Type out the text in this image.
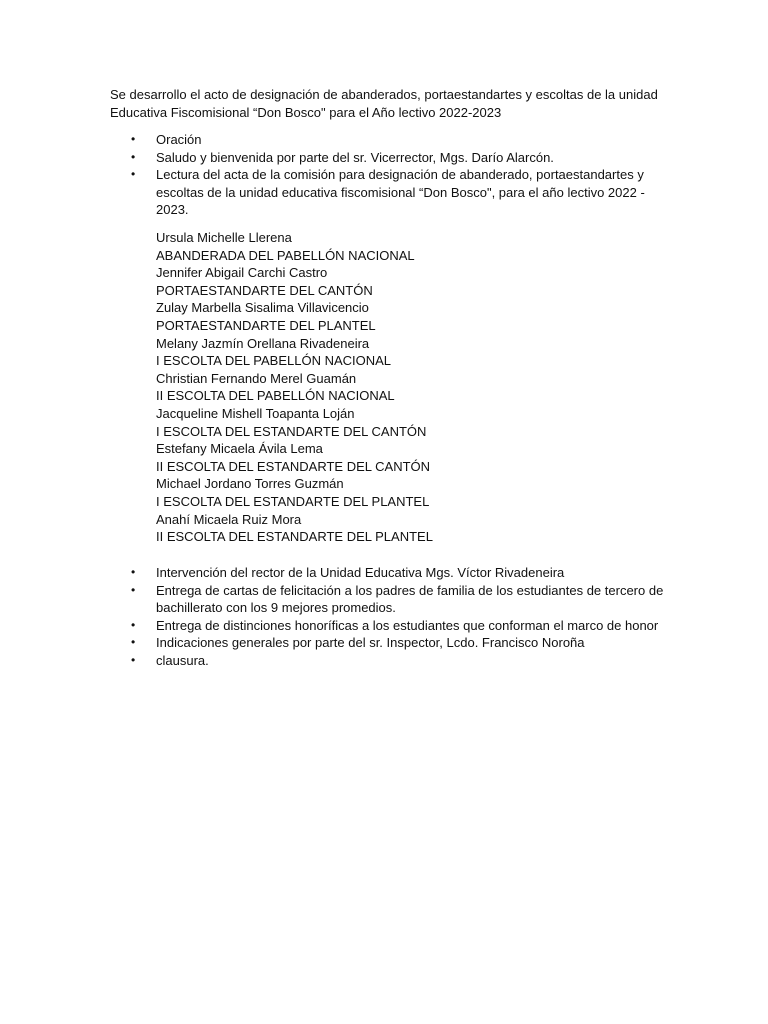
Se desarrollo el acto de designación de abanderados, portaestandartes y escoltas de la unidad Educativa Fiscomisional “Don Bosco" para el Año lectivo 2022-2023

• Oración
• Saludo y bienvenida por parte del sr. Vicerrector, Mgs. Darío Alarcón.
• Lectura del acta de la comisión para designación de abanderado, portaestandartes y escoltas de la unidad educativa fiscomisional “Don Bosco", para el año lectivo 2022 - 2023.
Ursula Michelle Llerena
ABANDERADA DEL PABELLÓN NACIONAL
Jennifer Abigail Carchi Castro
PORTAESTANDARTE DEL CANTÓN
Zulay Marbella Sisalima Villavicencio
PORTAESTANDARTE DEL PLANTEL
Melany Jazmín Orellana Rivadeneira
I ESCOLTA DEL PABELLÓN NACIONAL
Christian Fernando Merel Guamán
II ESCOLTA DEL PABELLÓN NACIONAL
Jacqueline Mishell Toapanta Loján
I ESCOLTA DEL ESTANDARTE DEL CANTÓN
Estefany Micaela Ávila Lema
II ESCOLTA DEL ESTANDARTE DEL CANTÓN
Michael Jordano Torres Guzmán
I ESCOLTA DEL ESTANDARTE DEL PLANTEL
Anahí Micaela Ruiz Mora
II ESCOLTA DEL ESTANDARTE DEL PLANTEL
• Intervención del rector de la Unidad Educativa Mgs. Víctor Rivadeneira
• Entrega de cartas de felicitación a los padres de familia de los estudiantes de tercero de bachillerato con los 9 mejores promedios.
• Entrega de distinciones honoríficas a los estudiantes que conforman el marco de honor
• Indicaciones generales por parte del sr. Inspector, Lcdo. Francisco Noroña
• clausura.
